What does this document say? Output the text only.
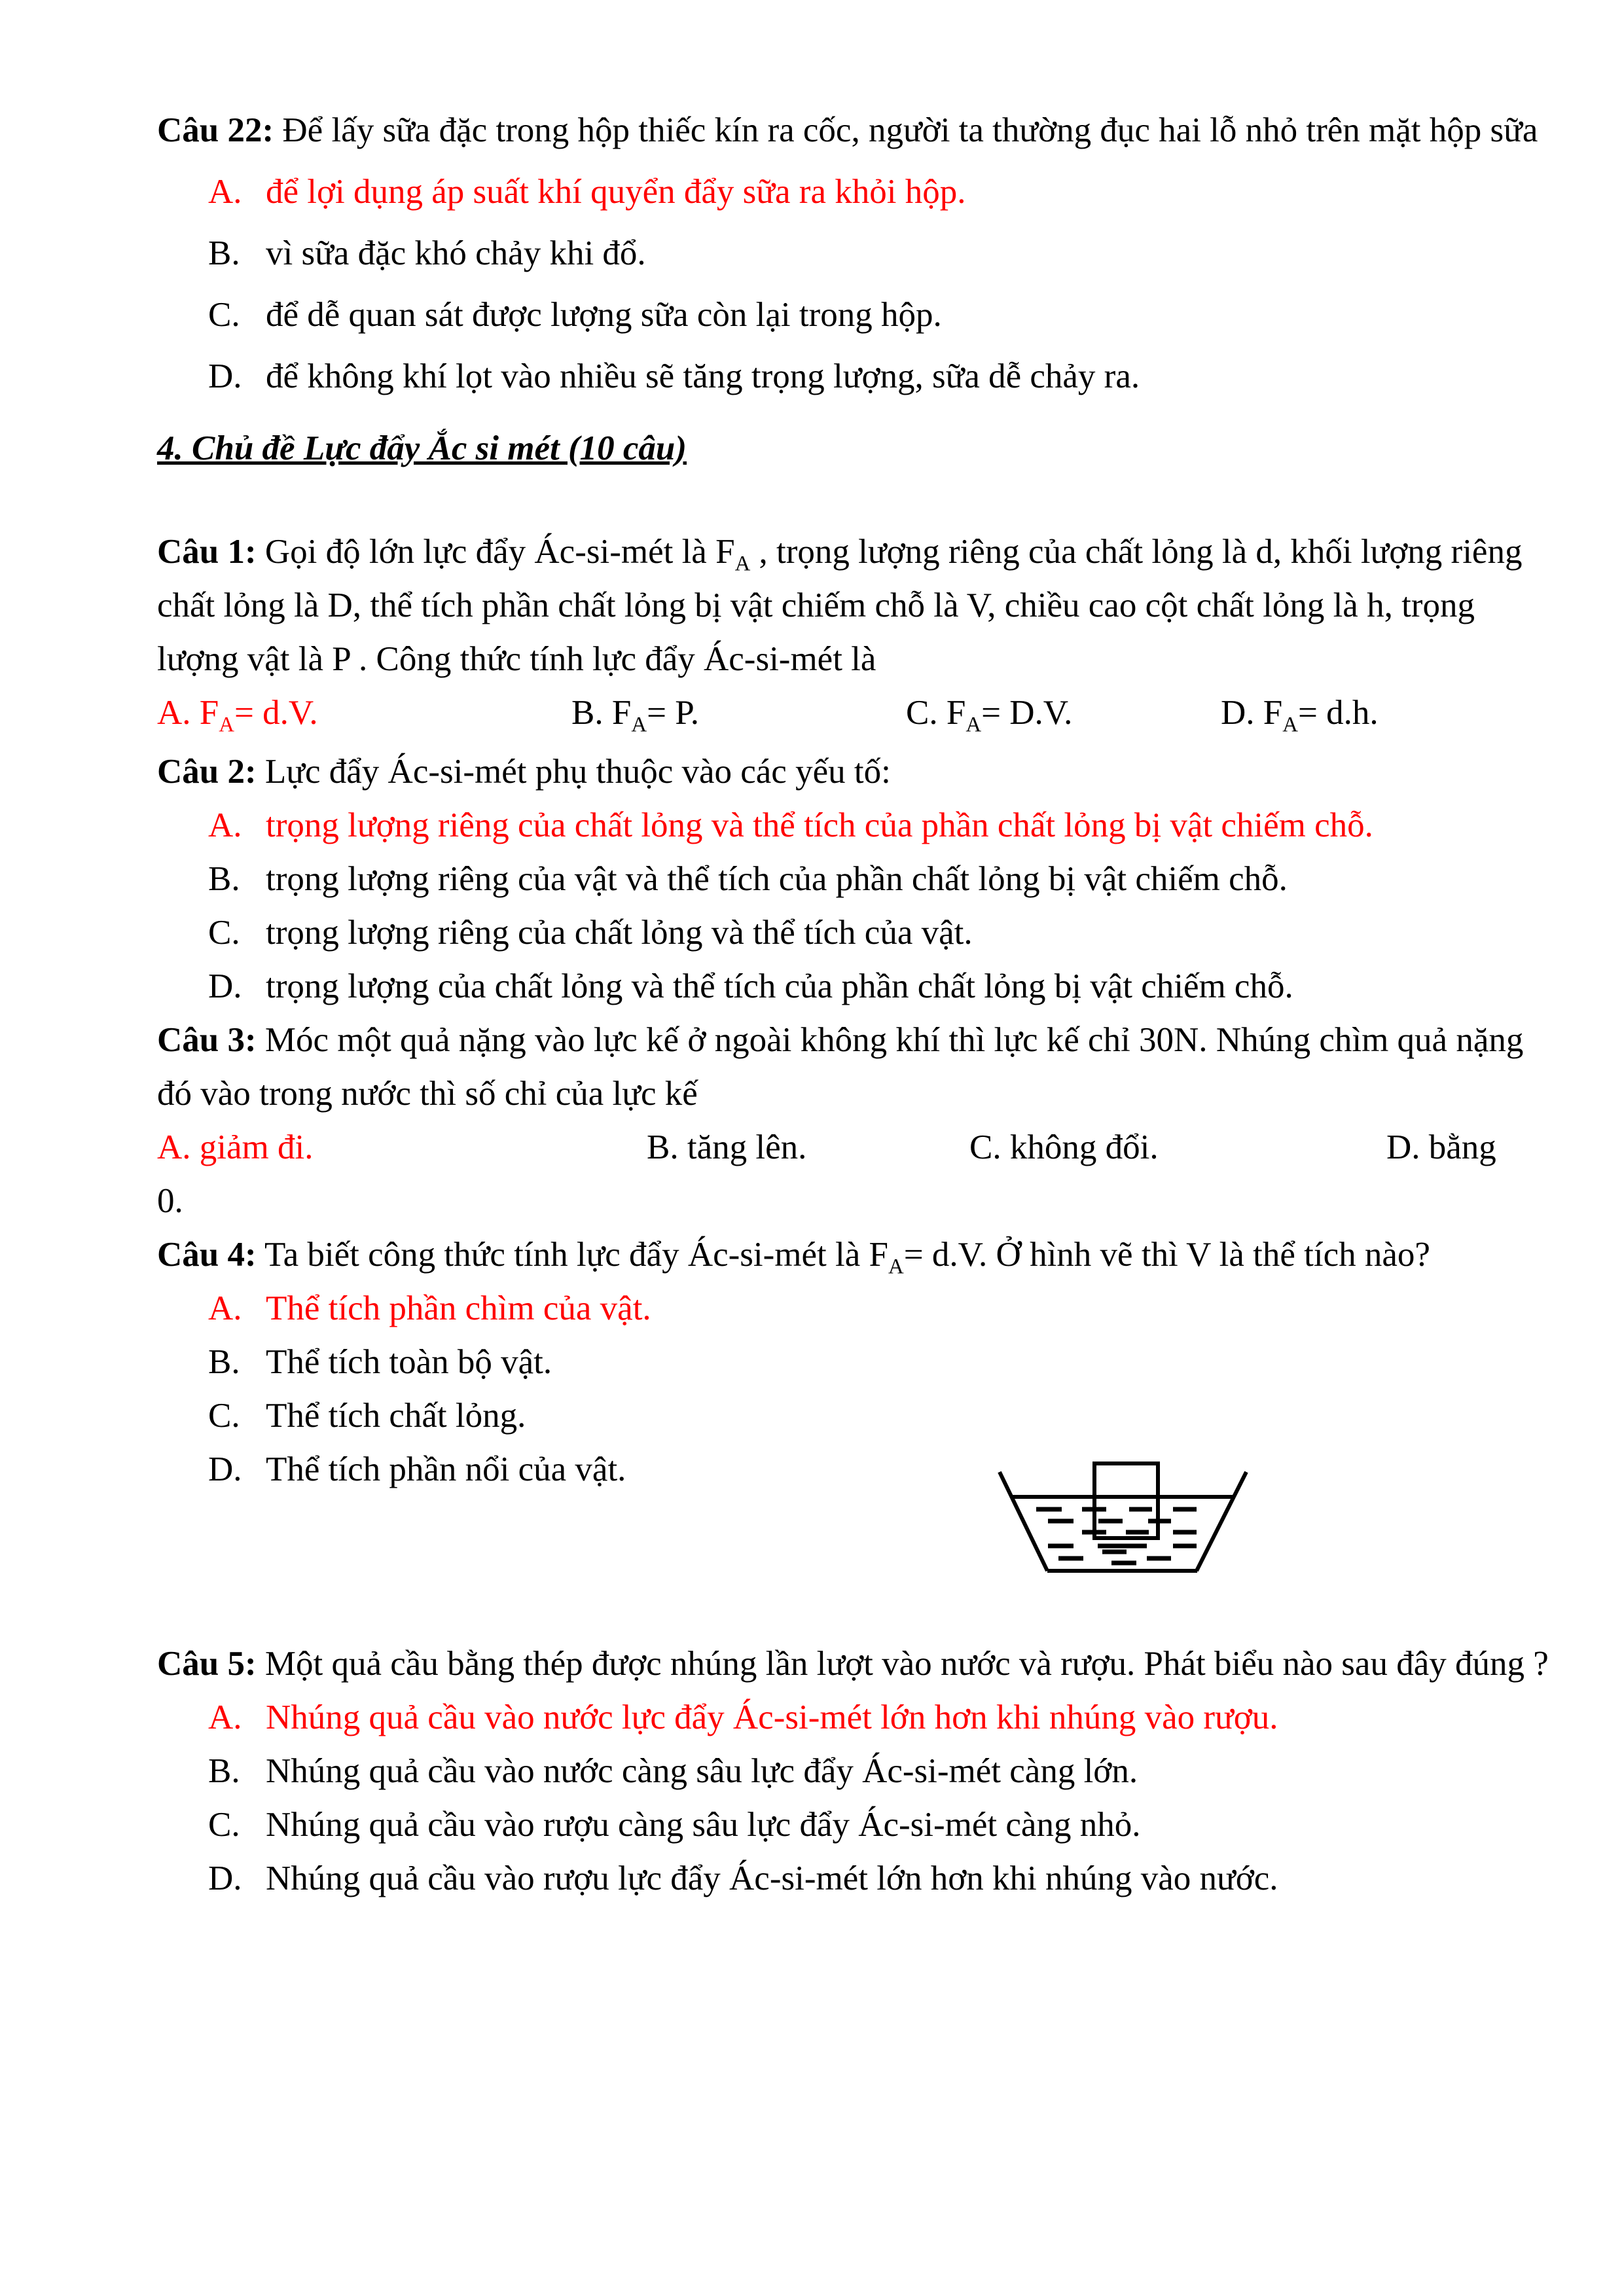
Câu 22: Để lấy sữa đặc trong hộp thiếc kín ra cốc, người ta thường đục hai lỗ nhỏ trên mặt hộp sữa

A. để lợi dụng áp suất khí quyển đẩy sữa ra khỏi hộp.
B. vì sữa đặc khó chảy khi đổ.
C. để dễ quan sát được lượng sữa còn lại trong hộp.
D. để không khí lọt vào nhiều sẽ tăng trọng lượng, sữa dễ chảy ra.
4. Chủ đề Lực đẩy Ắc si mét (10 câu)

Câu 1: Gọi độ lớn lực đẩy Ác-si-mét là $F_A$ , trọng lượng riêng của chất lỏng là d, khối lượng riêng chất lỏng là D, thể tích phần chất lỏng bị vật chiếm chỗ là V, chiều cao cột chất lỏng là h, trọng lượng vật là P . Công thức tính lực đẩy Ác-si-mét là

A. $F_A= d.V$.	B. $F_A= P$.	C. $F_A= D.V$.	D. $F_A= d.h$.

Câu 2: Lực đẩy Ác-si-mét phụ thuộc vào các yếu tố:

A. trọng lượng riêng của chất lỏng và thể tích của phần chất lỏng bị vật chiếm chỗ.
B. trọng lượng riêng của vật và thể tích của phần chất lỏng bị vật chiếm chỗ.
C. trọng lượng riêng của chất lỏng và thể tích của vật.
D. trọng lượng của chất lỏng và thể tích của phần chất lỏng bị vật chiếm chỗ.

Câu 3: Móc một quả nặng vào lực kế ở ngoài không khí thì lực kế chỉ 30N. Nhúng chìm quả nặng đó vào trong nước thì số chỉ của lực kế

A. giảm đi.	B. tăng lên.	C. không đổi.	D. bằng

0.

Câu 4: Ta biết công thức tính lực đẩy Ác-si-mét là $F_A= d.V$. Ở hình vẽ thì V là thể tích nào?

A. Thể tích phần chìm của vật.
B. Thể tích toàn bộ vật.
C. Thể tích chất lỏng.
D. Thể tích phần nổi của vật.

Câu 5: Một quả cầu bằng thép được nhúng lần lượt vào nước và rượu. Phát biểu nào sau đây đúng ?

A. Nhúng quả cầu vào nước lực đẩy Ác-si-mét lớn hơn khi nhúng vào rượu.
B. Nhúng quả cầu vào nước càng sâu lực đẩy Ác-si-mét càng lớn.
C. Nhúng quả cầu vào rượu càng sâu lực đẩy Ác-si-mét càng nhỏ.
D. Nhúng quả cầu vào rượu lực đẩy Ác-si-mét lớn hơn khi nhúng vào nước.
